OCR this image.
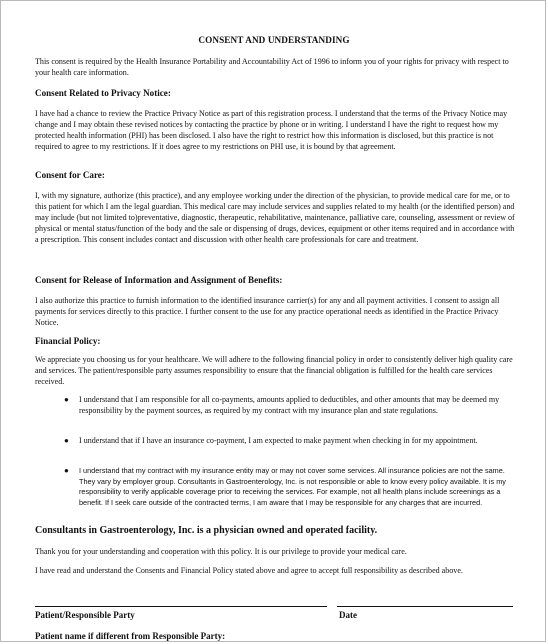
CONSENT AND UNDERSTANDING

This consent is required by the Health Insurance Portability and Accountability Act of 1996 to inform you of your rights for privacy with respect to your health care information.

Consent Related to Privacy Notice:

I have had a chance to review the Practice Privacy Notice as part of this registration process. I understand that the terms of the Privacy Notice may change and I may obtain these revised notices by contacting the practice by phone or in writing. I understand I have the right to request how my protected health information (PHI) has been disclosed. I also have the right to restrict how this information is disclosed, but this practice is not required to agree to my restrictions. If it does agree to my restrictions on PHI use, it is bound by that agreement.

Consent for Care:

I, with my signature, authorize (this practice), and any employee working under the direction of the physician, to provide medical care for me, or to this patient for which I am the legal guardian. This medical care may include services and supplies related to my health (or the identified person) and may include (but not limited to)preventative, diagnostic, therapeutic, rehabilitative, maintenance, palliative care, counseling, assessment or review of physical or mental status/function of the body and the sale or dispensing of drugs, devices, equipment or other items required and in accordance with a prescription. This consent includes contact and discussion with other health care professionals for care and treatment.

Consent for Release of Information and Assignment of Benefits:

I also authorize this practice to furnish information to the identified insurance carrier(s) for any and all payment activities. I consent to assign all payments for services directly to this practice. I further consent to the use for any practice operational needs as identified in the Practice Privacy Notice.

Financial Policy:

We appreciate you choosing us for your healthcare. We will adhere to the following financial policy in order to consistently deliver high quality care and services. The patient/responsible party assumes responsibility to ensure that the financial obligation is fulfilled for the health care services received.

● I understand that I am responsible for all co-payments, amounts applied to deductibles, and other amounts that may be deemed my responsibility by the payment sources, as required by my contract with my insurance plan and state regulations.
● I understand that if I have an insurance co-payment, I am expected to make payment when checking in for my appointment.
● I understand that my contract with my insurance entity may or may not cover some services. All insurance policies are not the same. They vary by employer group. Consultants in Gastroenterology, Inc. is not responsible or able to know every policy available. It is my responsibility to verify applicable coverage prior to receiving the services. For example, not all health plans include screenings as a benefit. If I seek care outside of the contracted terms, I am aware that I may be responsible for any charges that are incurred.

Consultants in Gastroenterology, Inc. is a physician owned and operated facility.

Thank you for your understanding and cooperation with this policy. It is our privilege to provide your medical care.

I have read and understand the Consents and Financial Policy stated above and agree to accept full responsibility as described above.

Patient/Responsible Party	Date
Patient name if different from Responsible Party:
